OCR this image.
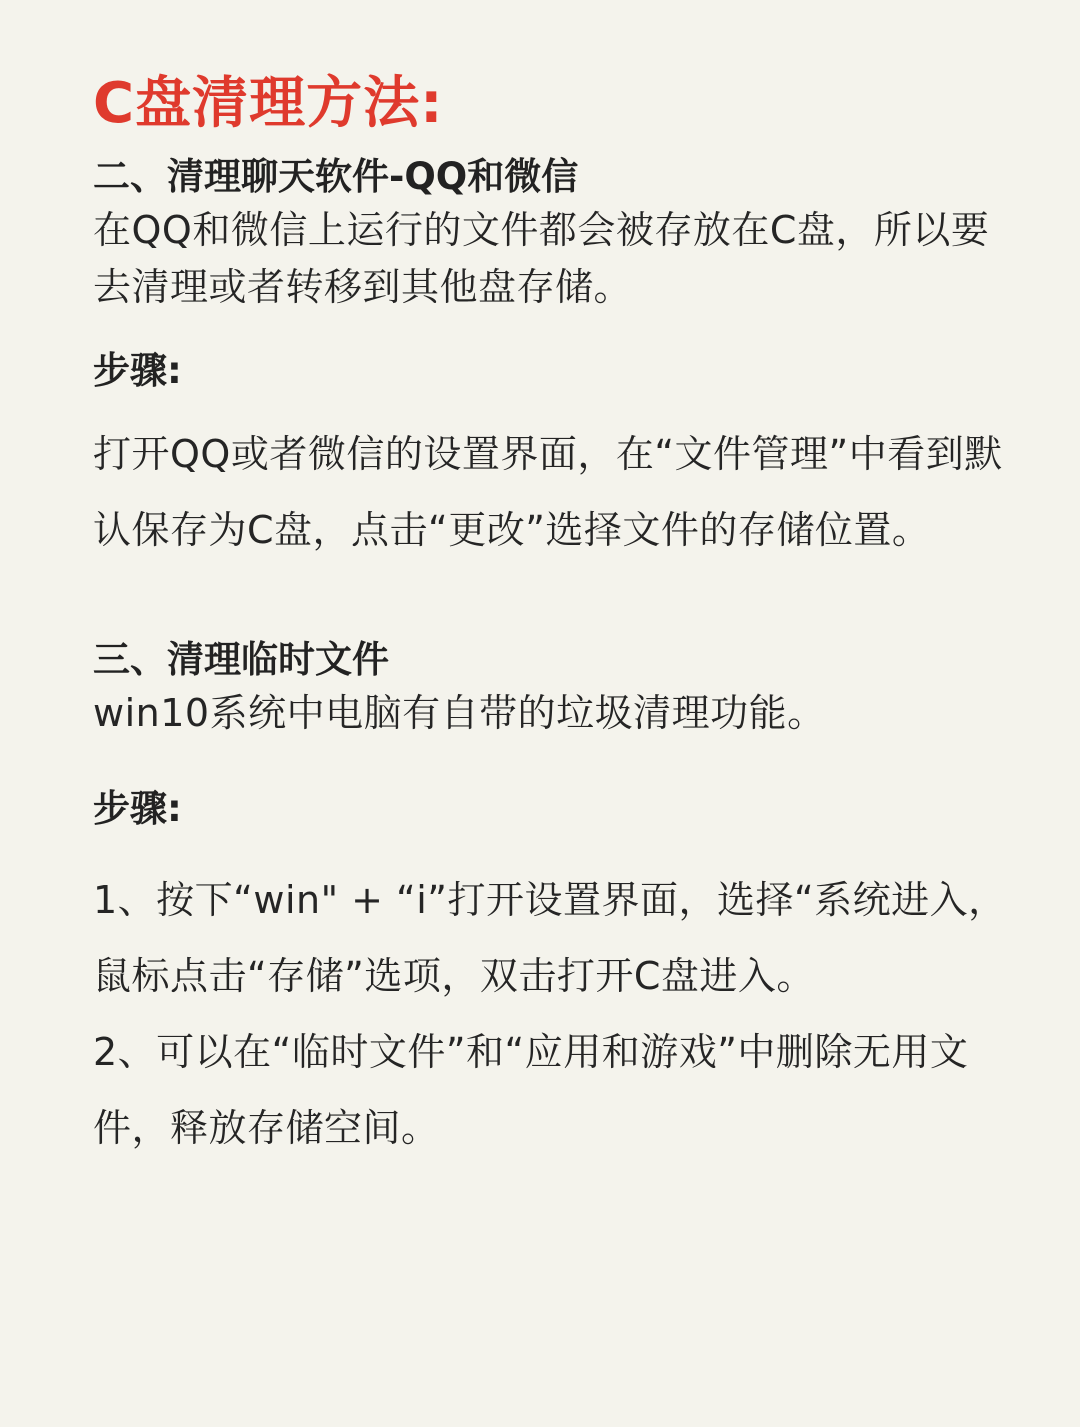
C盘清理方法:
二、清理聊天软件-QQ和微信

在QQ和微信上运行的文件都会被存放在C盘，所以要去清理或者转移到其他盘存储。

步骤:

打开QQ或者微信的设置界面，在“文件管理”中看到默认保存为C盘，点击“更改”选择文件的存储位置。

三、清理临时文件

win10系统中电脑有自带的垃圾清理功能。

步骤:

1、按下“win" + “i”打开设置界面，选择“系统进入，鼠标点击“存储”选项，双击打开C盘进入。

2、可以在“临时文件”和“应用和游戏”中删除无用文件，释放存储空间。
